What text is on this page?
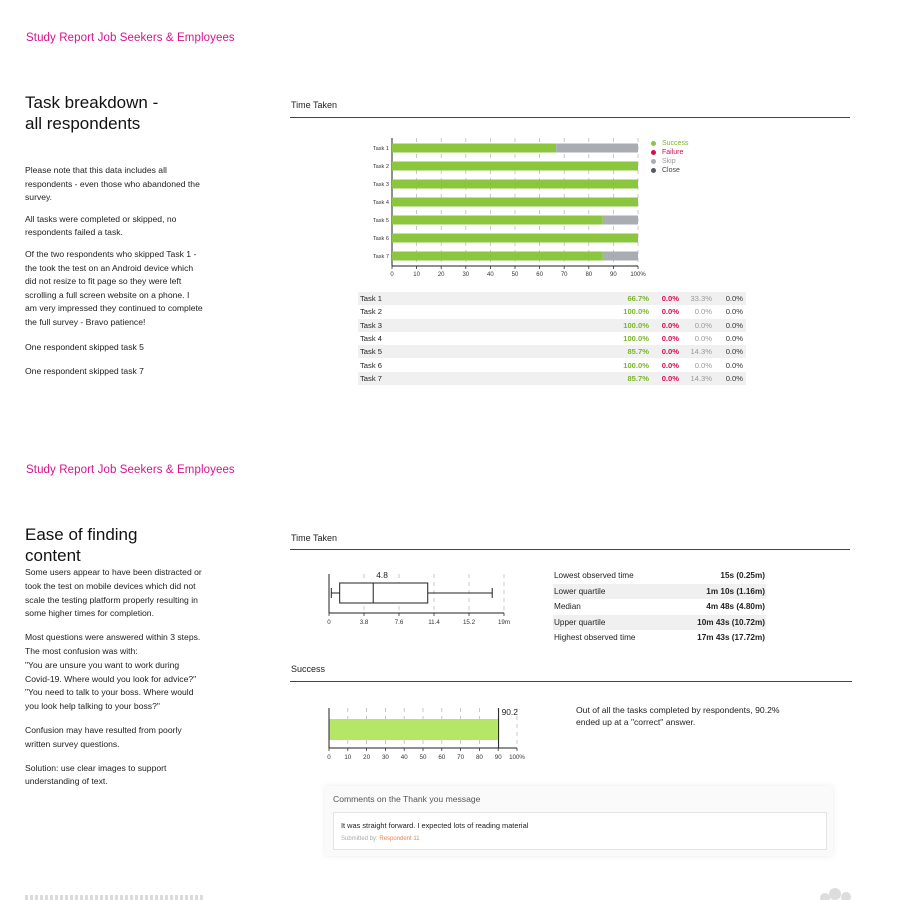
Study Report Job Seekers & Employees
Task breakdown -
all respondents

Please note that this data includes all respondents - even those who abandoned the survey.

All tasks were completed or skipped, no respondents failed a task.

Of the two respondents who skipped Task 1 - the took the test on an Android device which did not resize to fit page so they were left scrolling a full screen website on a phone. I am very impressed they continued to complete the full survey - Bravo patience!

One respondent skipped task 5

One respondent skipped task 7

Time Taken
0	10	20	30	40	50	60	70	80	90 100%
Task 1
Task 2
Task 3
Task 4
Task 5
Task 6
Task 7
Success
Failure
Skip
Close
Task 1	66.7%	0.0%	33.3%	0.0%
Task 2	100.0%	0.0%	0.0%	0.0%
Task 3	100.0%	0.0%	0.0%	0.0%
Task 4	100.0%	0.0%	0.0%	0.0%
Task 5	85.7%	0.0%	14.3%	0.0%
Task 6	100.0%	0.0%	0.0%	0.0%
Task 7	85.7%	0.0%	14.3%	0.0%
Study Report Job Seekers & Employees
Ease of finding
content

Some users appear to have been distracted or took the test on mobile devices which did not scale the testing platform properly resulting in some higher times for completion.

Most questions were answered within 3 steps. The most confusion was with:
"You are unsure you want to work during Covid-19. Where would you look for advice?"
"You need to talk to your boss. Where would you look help talking to your boss?"

Confusion may have resulted from poorly written survey questions.

Solution: use clear images to support understanding of text.

Time Taken
0	3.8	7.6	11.4	15.2	19m
4.8	Lowest observed time	15s (0.25m)
Lower quartile	1m 10s (1.16m)
Median	4m 48s (4.80m)
Upper quartile	10m 43s (10.72m)
Highest observed time	17m 43s (17.72m)
Success
0 10 20 30 40 50 60 70 80 90 100%
90.2	Out of all the tasks completed by respondents, 90.2% ended up at a "correct" answer.
Comments on the Thank you message
It was straight forward. I expected lots of reading material
Submitted by: Respondent 11
